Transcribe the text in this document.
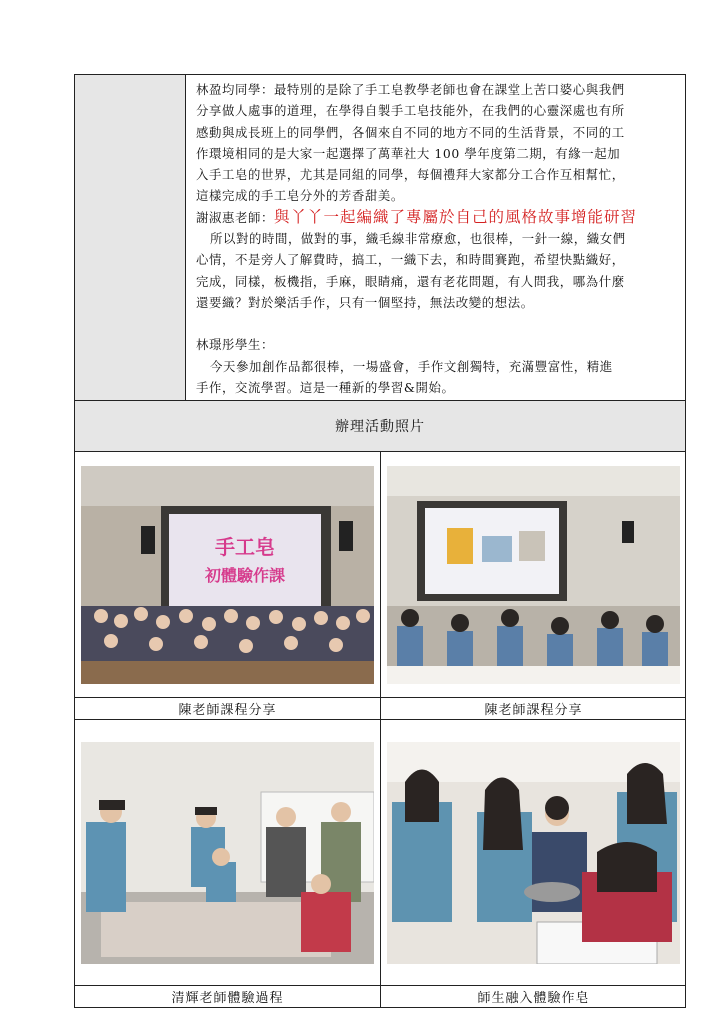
林盈均同學：最特別的是除了手工皂教學老師也會在課堂上苦口婆心與我們
分享做人處事的道理，在學得自製手工皂技能外，在我們的心靈深處也有所
感動與成長班上的同學們，各個來自不同的地方不同的生活背景，不同的工
作環境相同的是大家一起選擇了萬華社大 100 學年度第二期，有緣一起加
入手工皂的世界，尤其是同組的同學，每個禮拜大家都分工合作互相幫忙，
這樣完成的手工皂分外的芳香甜美。
謝淑惠老師：與丫丫一起編織了專屬於自己的風格故事增能研習
所以對的時間，做對的事，織毛線非常療愈，也很棒，一針一線，織女們
心情，不是旁人了解費時，搞工，一織下去，和時間賽跑，希望快點織好，
完成，同樣，板機指，手麻，眼睛痛，還有老花問題，有人問我，哪為什麼
還要織？對於樂活手作，只有一個堅持，無法改變的想法。
林璟彤學生：
今天參加創作品都很棒，一場盛會，手作文創獨特，充滿豐富性，精進
手作，交流學習。這是一種新的學習&開始。

辦理活動照片

手工皂
初體驗作課

陳老師課程分享	陳老師課程分享

清輝老師體驗過程	師生融入體驗作皂
